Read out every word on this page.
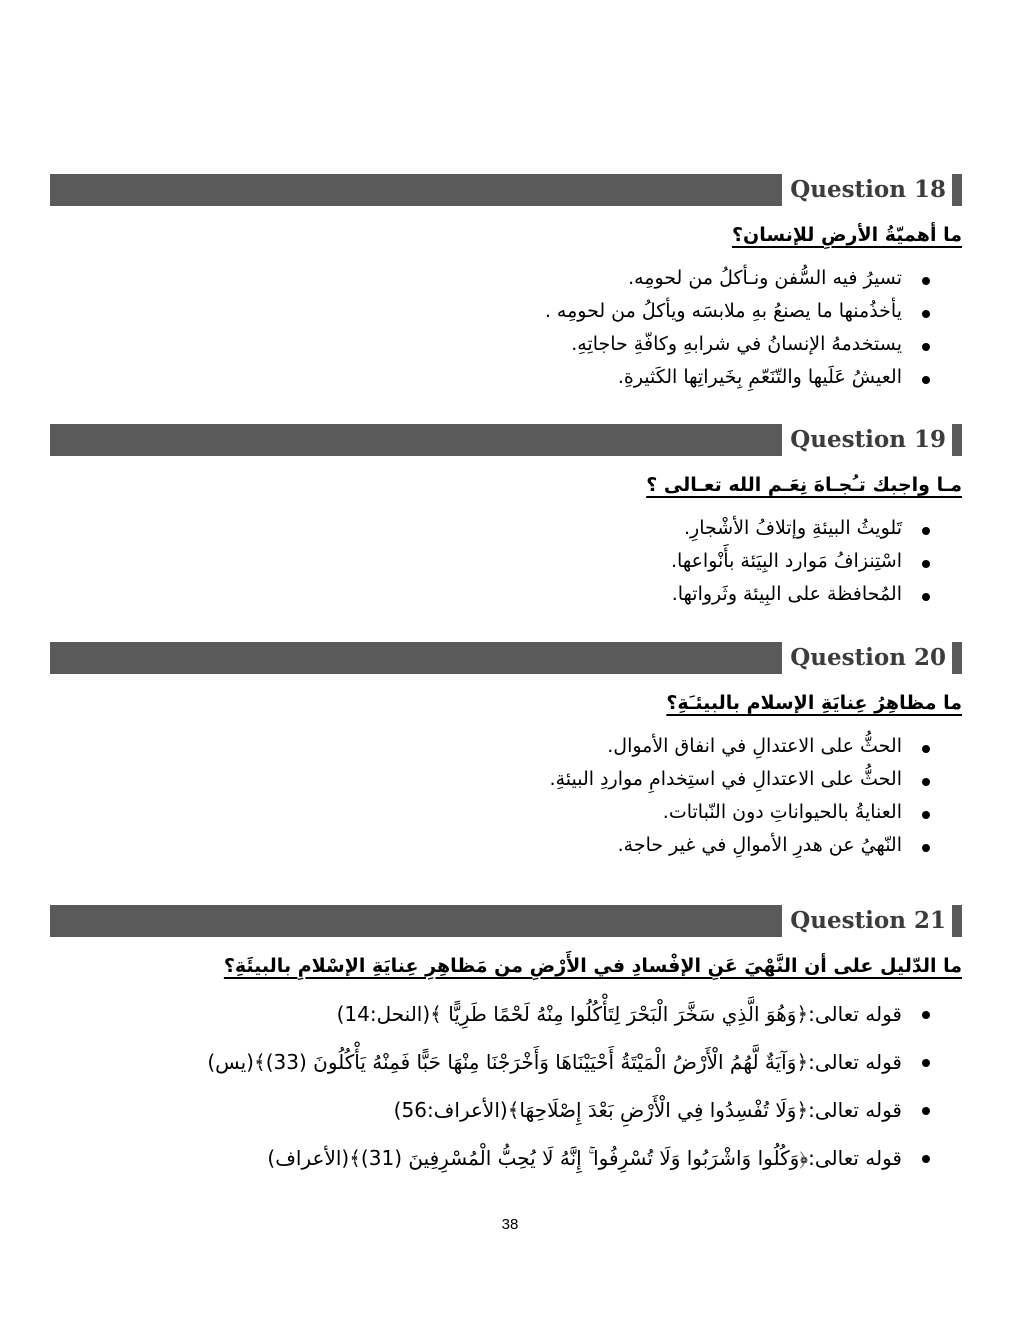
Question 18
ما أهميّةُ الأرضِ للإنسان؟
تسيرُ فيه السُّفن ونـأكلُ من لحومِه.
يأخذُمنها ما يصنعُ بهِ ملابسَه ويأكلُ من لحومِه .
يستخدمهُ الإنسانُ في شرابهِ وكافّةِ حاجاتِهِ.
العيشُ عَلَيها والتّنَعّمِ بِخَيراتِها الكَثيرةِ.
Question 19
مـا واجبك تـُجـاهَ نِعَـم الله تعـالى ؟
تَلويثُ البيئةِ وإتلافُ الأشْجارِ.
اسْتِنزافُ مَوارد البِيَئة بأَنْواعها.
المُحافظة على البِيئة وثَرواتها.
Question 20
ما مظاهِرُ عِنايَةِ الإسلام بالبيئـَةِ؟
الحثُّ على الاعتدالِ في انفاق الأموال.
الحثُّ على الاعتدالِ في استِخدامِ مواردِ البيئةِ.
العنايةُ بالحيواناتِ دون النّباتات.
النّهيُ عن هدرِ الأموالِ في غير حاجة.
Question 21
ما الدّليل على أن النَّهْيَ عَنِ الإفْسادِ في الأَرْضِ من مَظاهِرِ عِنايَةِ الإسْلامِ بالبيئَةِ؟
قوله تعالى:﴿وَهُوَ الَّذِي سَخَّرَ الْبَحْرَ لِتَأْكُلُوا مِنْهُ لَحْمًا طَرِيًّا ﴾(النحل:14)
قوله تعالى:﴿وَآيَةٌ لَّهُمُ الْأَرْضُ الْمَيْتَةُ أَحْيَيْنَاهَا وَأَخْرَجْنَا مِنْهَا حَبًّا فَمِنْهُ يَأْكُلُونَ (33)﴾(يس)
قوله تعالى:﴿وَلَا تُفْسِدُوا فِي الْأَرْضِ بَعْدَ إِصْلَاحِهَا﴾(الأعراف:56)
قوله تعالى:﴿وَكُلُوا وَاشْرَبُوا وَلَا تُسْرِفُوا ۚ إِنَّهُ لَا يُحِبُّ الْمُسْرِفِينَ (31)﴾(الأعراف)
38
